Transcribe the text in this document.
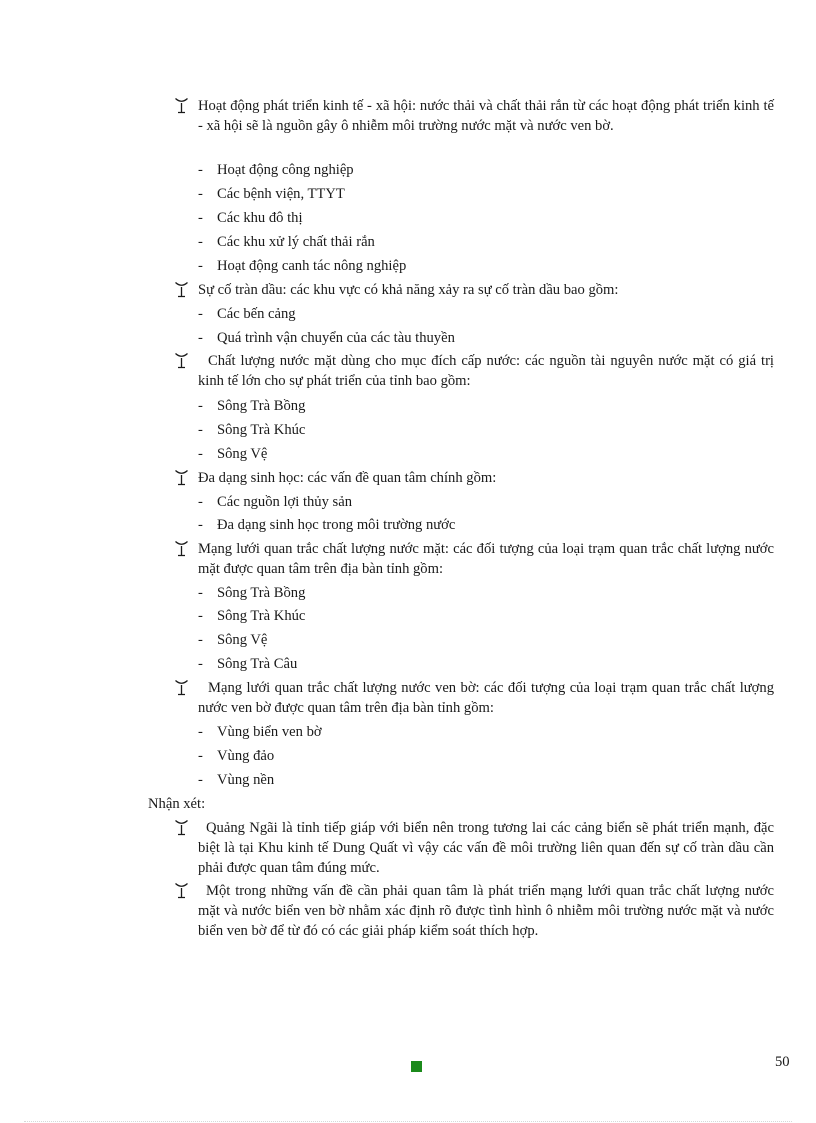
Hoạt động phát triển kinh tế - xã hội: nước thải và chất thải rắn từ các hoạt động phát triển kinh tế - xã hội sẽ là nguồn gây ô nhiễm môi trường nước mặt và nước ven bờ.
- Hoạt động công nghiệp
- Các bệnh viện, TTYT
- Các khu đô thị
- Các khu xử lý chất thải rắn
- Hoạt động canh tác nông nghiệp
Sự cố tràn dầu: các khu vực có khả năng xảy ra sự cố tràn dầu bao gồm:
- Các bến cảng
- Quá trình vận chuyển của các tàu thuyền
Chất lượng nước mặt dùng cho mục đích cấp nước: các nguồn tài nguyên nước mặt có giá trị kinh tế lớn cho sự phát triển của tỉnh bao gồm:
- Sông Trà Bồng
- Sông Trà Khúc
- Sông Vệ
Đa dạng sinh học: các vấn đề quan tâm chính gồm:
- Các nguồn lợi thủy sản
- Đa dạng sinh học trong môi trường nước
Mạng lưới quan trắc chất lượng nước mặt: các đối tượng của loại trạm quan trắc chất lượng nước mặt được quan tâm trên địa bàn tỉnh gồm:
- Sông Trà Bồng
- Sông Trà Khúc
- Sông Vệ
- Sông Trà Câu
Mạng lưới quan trắc chất lượng nước ven bờ: các đối tượng của loại trạm quan trắc chất lượng nước ven bờ được quan tâm trên địa bàn tỉnh gồm:
- Vùng biển ven bờ
- Vùng đảo
- Vùng nền
Nhận xét:
Quảng Ngãi là tỉnh tiếp giáp với biển nên trong tương lai các cảng biển sẽ phát triển mạnh, đặc biệt là tại Khu kinh tế Dung Quất vì vậy các vấn đề môi trường liên quan đến sự cố tràn dầu cần phải được quan tâm đúng mức.
Một trong những vấn đề cần phải quan tâm là phát triển mạng lưới quan trắc chất lượng nước mặt và nước biển ven bờ nhằm xác định rõ được tình hình ô nhiễm môi trường nước mặt và nước biển ven bờ để từ đó có các giải pháp kiểm soát thích hợp.
50
